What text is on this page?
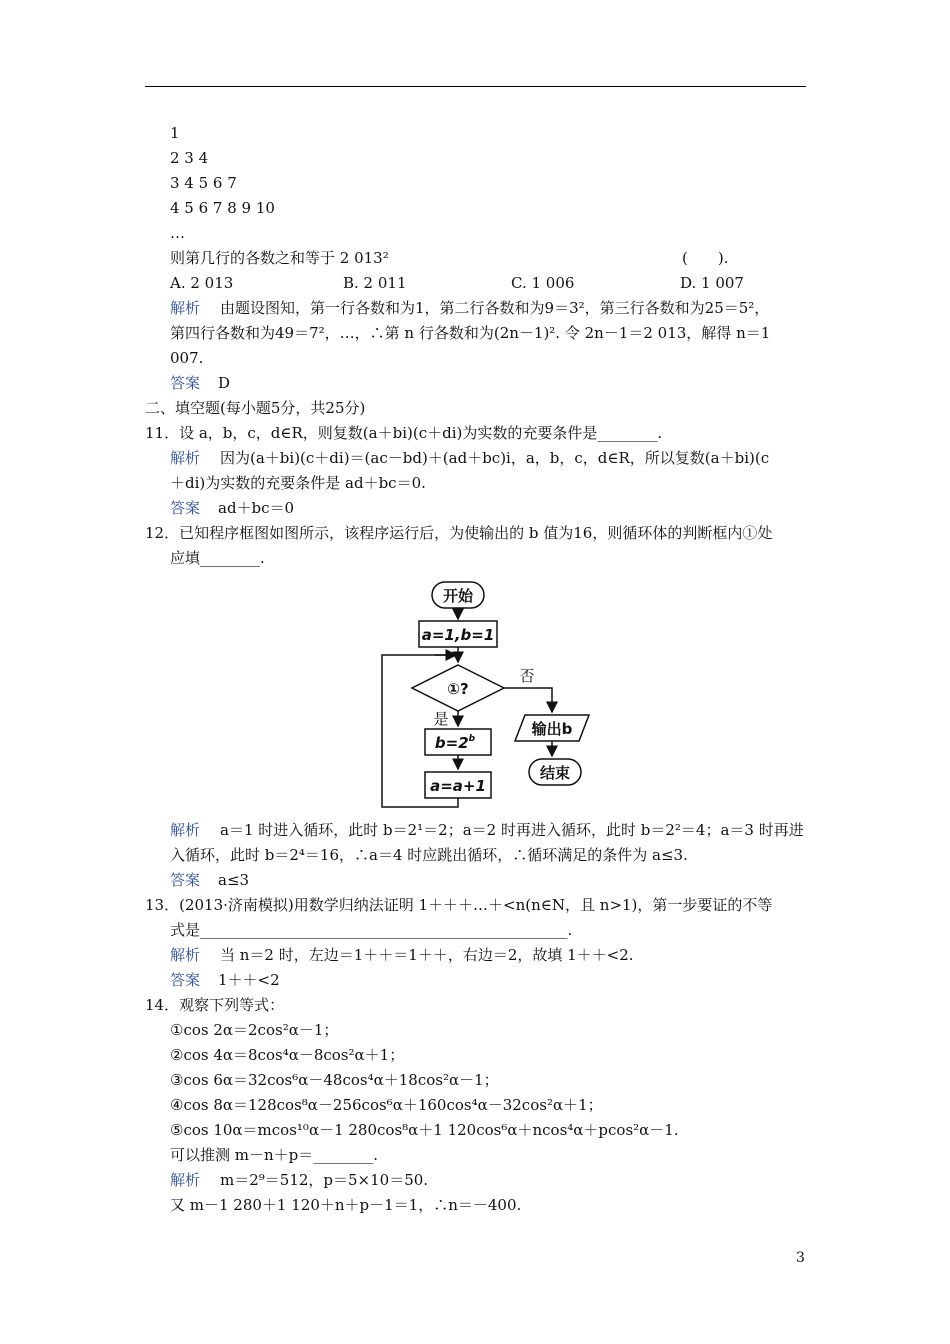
1
2 3 4
3 4 5 6 7
4 5 6 7 8 9 10
…
则第几行的各数之和等于 2 013²	(　　).
A. 2 013	B. 2 011	C. 1 006	D. 1 007
解析 由题设图知，第一行各数和为1，第二行各数和为9＝3²，第三行各数和为25＝5²，
第四行各数和为49＝7²，…，∴第 n 行各数和为(2n－1)². 令 2n－1＝2 013，解得 n＝1
007.
答案 D
二、填空题(每小题5分，共25分)
11．设 a，b，c，d∈R，则复数(a＋bi)(c＋di)为实数的充要条件是________.
解析 因为(a＋bi)(c＋di)＝(ac－bd)＋(ad＋bc)i，a，b，c，d∈R，所以复数(a＋bi)(c
＋di)为实数的充要条件是 ad＋bc＝0.
答案 ad＋bc＝0
12．已知程序框图如图所示，该程序运行后，为使输出的 b 值为16，则循环体的判断框内①处
应填________.
开始
a=1,b=1
①?
$b=2^b$
a=a+1
输出b
结束
否
是
解析 a＝1 时进入循环，此时 b＝2¹＝2；a＝2 时再进入循环，此时 b＝2²＝4；a＝3 时再进
入循环，此时 b＝2⁴＝16，∴a＝4 时应跳出循环，∴循环满足的条件为 a≤3.
答案 a≤3
13．(2013·济南模拟)用数学归纳法证明 1＋＋＋…＋<n(n∈N，且 n>1)，第一步要证的不等
式是_________________________________________________.
解析 当 n＝2 时，左边＝1＋＋＝1＋＋，右边＝2，故填 1＋＋<2.
答案 1＋＋<2
14．观察下列等式：
①cos 2α＝2cos²α－1；
②cos 4α＝8cos⁴α－8cos²α＋1；
③cos 6α＝32cos⁶α－48cos⁴α＋18cos²α－1；
④cos 8α＝128cos⁸α－256cos⁶α＋160cos⁴α－32cos²α＋1；
⑤cos 10α＝mcos¹⁰α－1 280cos⁸α＋1 120cos⁶α＋ncos⁴α＋pcos²α－1.
可以推测 m－n＋p＝________.
解析 m＝2⁹＝512，p＝5×10＝50.
又 m－1 280＋1 120＋n＋p－1＝1，∴n＝－400.
3
